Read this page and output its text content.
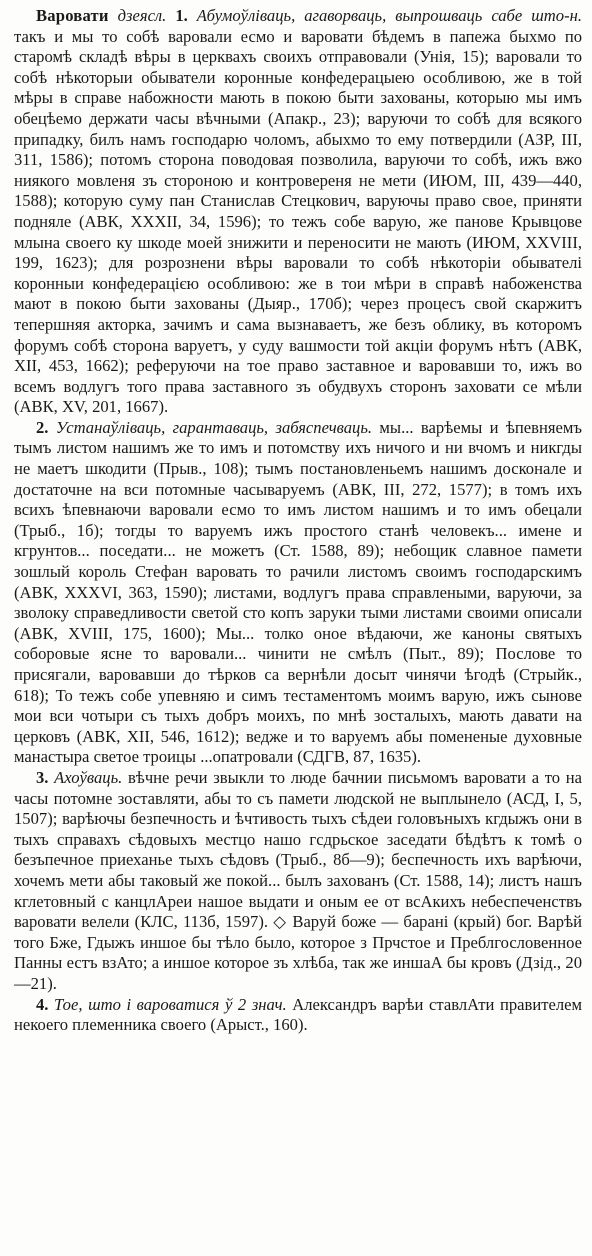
Варовати дзеясл. 1. Абумоўліваць, агаворваць, выпрошваць сабе што-н. такъ и мы то собѣ варовали есмо и варовати бѣдемъ в папежа быхмо по старомѣ складѣ вѣры в церквахъ своихъ отправовали (Унія, 15); варовали то собѣ нѣкоторыи обыватели коронные конфедерацыею особливою, же в той мѣры в справе набожности мають в покою быти захованы, которыю мы имъ обецѣемо держати часы вѣчными (Апакр., 23); варуючи то собѣ для всякого припадку, билъ намъ господарю чоломъ, абыхмо то ему потвердили (АЗР, III, 311, 1586); потомъ сторона поводовая позволила, варуючи то собѣ, ижъ вжо ниякого мовленя зъ стороною и контровереня не мети (ИЮМ, III, 439—440, 1588); которую суму пан Станислав Стецкович, варуючы право свое, приняти подняле (АВК, XXXII, 34, 1596); то тежъ собе варую, же панове Крывцове млына своего ку шкоде моей знижити и переносити не мають (ИЮМ, XXVIII, 199, 1623); для розрознени вѣры варовали то собѣ нѣкоторіи обывателі коронныи конфедерацією особливою: же в тои мѣри в справѣ набоженства мают в покою быти захованы (Дыяр., 170б); через процесъ свой скаржитъ тепершняя акторка, зачимъ и сама вызнаваетъ, же безъ облику, въ которомъ форумъ собѣ сторона варуетъ, у суду вашмости той акціи форумъ нѣтъ (АВК, XII, 453, 1662); реферуючи на тое право заставное и варовавши то, ижъ во всемъ водлугъ того права заставного зъ обудвухъ сторонъ заховати се мѣли (АВК, XV, 201, 1667).

2. Устанаўліваць, гарантаваць, забяспечваць. мы... варѣемы и ѣпевняемъ тымъ листом нашимъ же то имъ и потомству ихъ ничого и ни вчомъ и никгды не маетъ шкодити (Прыв., 108); тымъ постановленьемъ нашимъ досконале и достаточне на вси потомные часываруемъ (АВК, III, 272, 1577); в томъ ихъ всихъ ѣпевнаючи варовали есмо то имъ листом нашимъ и то имъ обецали (Трыб., 1б); тогды то варуемъ ижъ простого станѣ человекъ... имене и кгрунтов... поседати... не можетъ (Ст. 1588, 89); небощик славное памети зошлый король Стефан варовать то рачили листомъ своимъ господарскимъ (АВК, XXXVI, 363, 1590); листами, водлугъ права справлеными, варуючи, за зволоку справедливости светой сто копъ заруки тыми листами своими описали (АВК, XVIII, 175, 1600); Мы... толко оное вѣдаючи, же каноны святыхъ соборовые ясне то варовали... чинити не смѣлъ (Пыт., 89); Послове то присягали, варовавши до тѣрков са вернѣли досыт чинячи ѣгодѣ (Стрыйк., 618); То тежъ собе упевняю и симъ тестаментомъ моимъ варую, ижъ сынове мои вси чотыри съ тыхъ добръ моихъ, по мнѣ зосталыхъ, мають давати на церковъ (АВК, XII, 546, 1612); ведже и то варуемъ абы помененые духовные манастыра светое троицы ...опатровали (СДГВ, 87, 1635).

3. Ахоўваць. вѣчне речи звыкли то люде бачнии письмомъ варовати а то на часы потомне зоставляти, абы то съ памети людской не выплынело (АСД, I, 5, 1507); варѣючы безпечность и ѣчтивость тыхъ сѣдеи головъныхъ кгдыжъ они в тыхъ справахъ сѣдовыхъ местцо нашо гсдрьское заседати бѣдѣтъ к томѣ о безъпечное приеханье тыхъ сѣдовъ (Трыб., 8б—9); беспечность ихъ варѣючи, хочемъ мети абы таковый же покой... былъ захованъ (Ст. 1588, 14); листъ нашъ кглетовный с канцлАреи нашое выдати и оным ее от всАкихъ небеспеченствъ варовати велели (КЛС, 113б, 1597). ◇ Варуй боже — барані (крый) бог. Варѣй того Бже, Гдыжъ иншое бы тѣло было, которое з Прчстое и Преблгословенное Панны естъ взАто; а иншое которое зъ хлѣба, так же иншаА бы кровъ (Дзід., 20—21).

4. Тое, што і вароватися ў 2 знач. Александръ варѣи ставлАти правителем некоего племенника своего (Арыст., 160).
